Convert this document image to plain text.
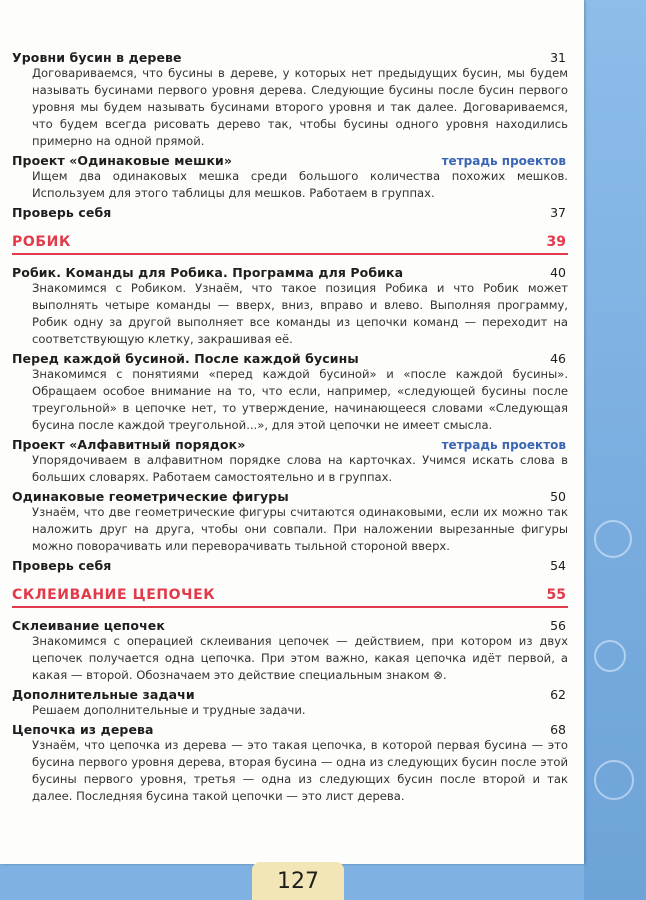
Уровни бусин в дереве	31
Договариваемся, что бусины в дереве, у которых нет предыдущих бусин, мы будем называть бусинами первого уровня дерева. Следующие бусины после бусин первого уровня мы будем называть бусинами второго уровня и так далее. Договариваемся, что будем всегда рисовать дерево так, чтобы бусины одного уровня находились примерно на одной прямой.
Проект «Одинаковые мешки»	тетрадь проектов
Ищем два одинаковых мешка среди большого количества похожих мешков. Используем для этого таблицы для мешков. Работаем в группах.
Проверь себя	37
РОБИК	39
Робик. Команды для Робика. Программа для Робика	40
Знакомимся с Робиком. Узнаём, что такое позиция Робика и что Робик может выполнять четыре команды — вверх, вниз, вправо и влево. Выполняя программу, Робик одну за другой выполняет все команды из цепочки команд — переходит на соответствующую клетку, закрашивая её.
Перед каждой бусиной. После каждой бусины	46
Знакомимся с понятиями «перед каждой бусиной» и «после каждой бусины». Обращаем особое внимание на то, что если, например, «следующей бусины после треугольной» в цепочке нет, то утверждение, начинающееся словами «Следующая бусина после каждой треугольной...», для этой цепочки не имеет смысла.
Проект «Алфавитный порядок»	тетрадь проектов
Упорядочиваем в алфавитном порядке слова на карточках. Учимся искать слова в больших словарях. Работаем самостоятельно и в группах.
Одинаковые геометрические фигуры	50
Узнаём, что две геометрические фигуры считаются одинаковыми, если их можно так наложить друг на друга, чтобы они совпали. При наложении вырезанные фигуры можно поворачивать или переворачивать тыльной стороной вверх.
Проверь себя	54
СКЛЕИВАНИЕ ЦЕПОЧЕК	55
Склеивание цепочек	56
Знакомимся с операцией склеивания цепочек — действием, при котором из двух цепочек получается одна цепочка. При этом важно, какая цепочка идёт первой, а какая — второй. Обозначаем это действие специальным знаком ⊗.
Дополнительные задачи	62
Решаем дополнительные и трудные задачи.
Цепочка из дерева	68
Узнаём, что цепочка из дерева — это такая цепочка, в которой первая бусина — это бусина первого уровня дерева, вторая бусина — одна из следующих бусин после этой бусины первого уровня, третья — одна из следующих бусин после второй и так далее. Последняя бусина такой цепочки — это лист дерева.
127
